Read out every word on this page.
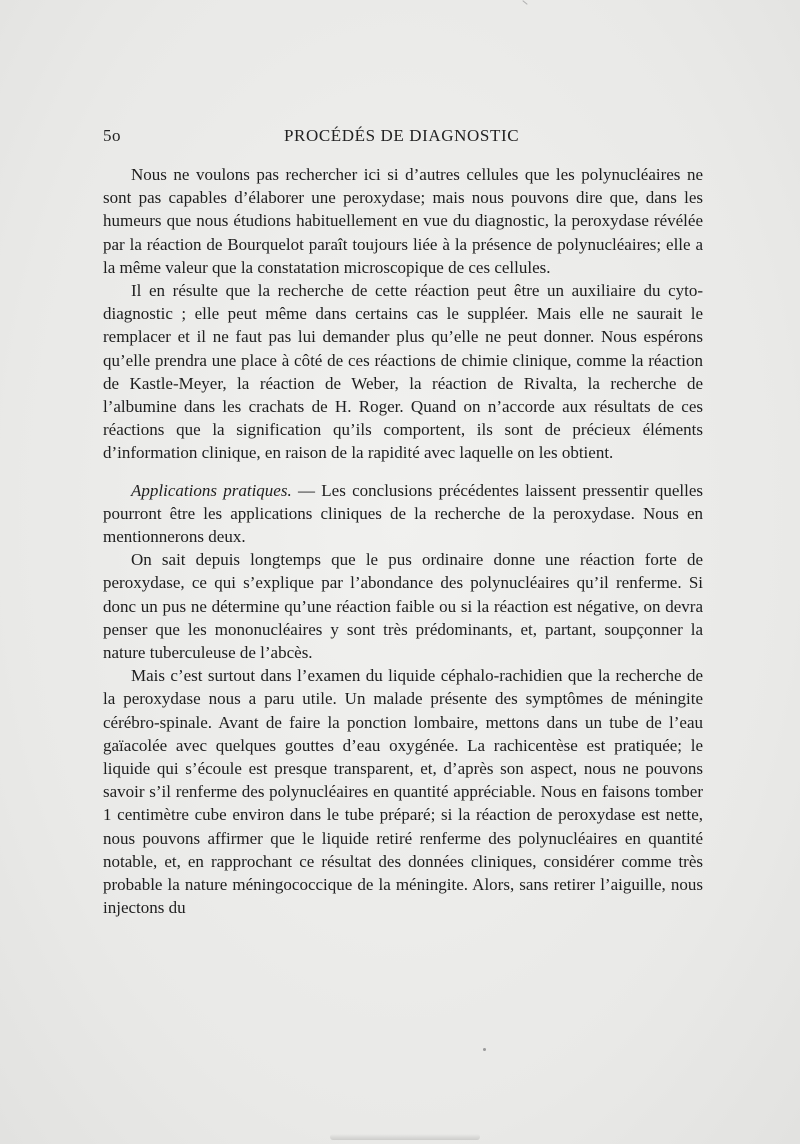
5o	PROCÉDÉS DE DIAGNOSTIC

Nous ne voulons pas rechercher ici si d’autres cellules que les polynucléaires ne sont pas capables d’élaborer une peroxydase; mais nous pouvons dire que, dans les humeurs que nous étudions habituellement en vue du diagnostic, la peroxydase révélée par la réaction de Bourquelot paraît toujours liée à la présence de polynucléaires; elle a la même valeur que la constatation microscopique de ces cellules.

Il en résulte que la recherche de cette réaction peut être un auxiliaire du cyto-diagnostic ; elle peut même dans certains cas le suppléer. Mais elle ne saurait le remplacer et il ne faut pas lui demander plus qu’elle ne peut donner. Nous espérons qu’elle prendra une place à côté de ces réactions de chimie clinique, comme la réaction de Kastle-Meyer, la réaction de Weber, la réaction de Rivalta, la recherche de l’albumine dans les crachats de H. Roger. Quand on n’accorde aux résultats de ces réactions que la signification qu’ils comportent, ils sont de précieux éléments d’information clinique, en raison de la rapidité avec laquelle on les obtient.

Applications pratiques. — Les conclusions précédentes laissent pressentir quelles pourront être les applications cliniques de la recherche de la peroxydase. Nous en mentionnerons deux.

On sait depuis longtemps que le pus ordinaire donne une réaction forte de peroxydase, ce qui s’explique par l’abondance des polynucléaires qu’il renferme. Si donc un pus ne détermine qu’une réaction faible ou si la réaction est négative, on devra penser que les mononucléaires y sont très prédominants, et, partant, soupçonner la nature tuberculeuse de l’abcès.

Mais c’est surtout dans l’examen du liquide céphalo-rachidien que la recherche de la peroxydase nous a paru utile. Un malade présente des symptômes de méningite cérébro-spinale. Avant de faire la ponction lombaire, mettons dans un tube de l’eau gaïacolée avec quelques gouttes d’eau oxygénée. La rachicentèse est pratiquée; le liquide qui s’écoule est presque transparent, et, d’après son aspect, nous ne pouvons savoir s’il renferme des polynucléaires en quantité appréciable. Nous en faisons tomber 1 centimètre cube environ dans le tube préparé; si la réaction de peroxydase est nette, nous pouvons affirmer que le liquide retiré renferme des polynucléaires en quantité notable, et, en rapprochant ce résultat des données cliniques, considérer comme très probable la nature méningococcique de la méningite. Alors, sans retirer l’aiguille, nous injectons du
